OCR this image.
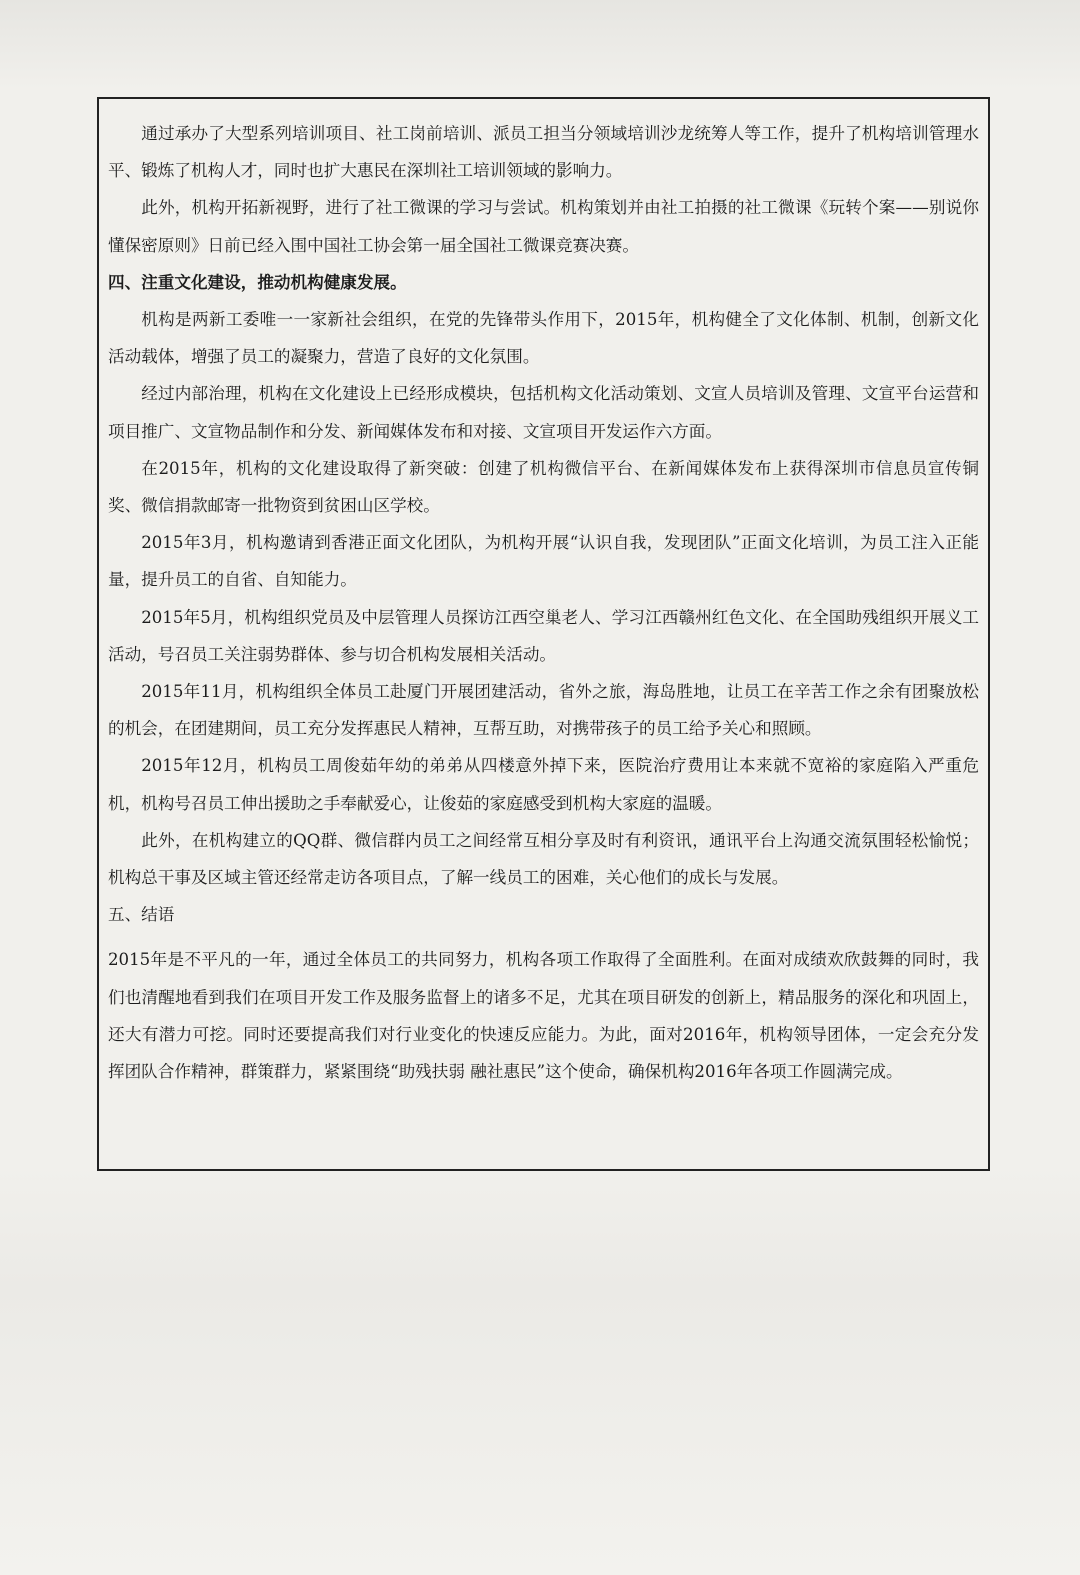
通过承办了大型系列培训项目、社工岗前培训、派员工担当分领域培训沙龙统筹人等工作，提升了机构培训管理水平、锻炼了机构人才，同时也扩大惠民在深圳社工培训领域的影响力。

此外，机构开拓新视野，进行了社工微课的学习与尝试。机构策划并由社工拍摄的社工微课《玩转个案——别说你懂保密原则》日前已经入围中国社工协会第一届全国社工微课竞赛决赛。

四、注重文化建设，推动机构健康发展。

机构是两新工委唯一一家新社会组织，在党的先锋带头作用下，2015年，机构健全了文化体制、机制，创新文化活动载体，增强了员工的凝聚力，营造了良好的文化氛围。

经过内部治理，机构在文化建设上已经形成模块，包括机构文化活动策划、文宣人员培训及管理、文宣平台运营和项目推广、文宣物品制作和分发、新闻媒体发布和对接、文宣项目开发运作六方面。

在2015年，机构的文化建设取得了新突破：创建了机构微信平台、在新闻媒体发布上获得深圳市信息员宣传铜奖、微信捐款邮寄一批物资到贫困山区学校。

2015年3月，机构邀请到香港正面文化团队，为机构开展“认识自我，发现团队”正面文化培训，为员工注入正能量，提升员工的自省、自知能力。

2015年5月，机构组织党员及中层管理人员探访江西空巢老人、学习江西赣州红色文化、在全国助残组织开展义工活动，号召员工关注弱势群体、参与切合机构发展相关活动。

2015年11月，机构组织全体员工赴厦门开展团建活动，省外之旅，海岛胜地，让员工在辛苦工作之余有团聚放松的机会，在团建期间，员工充分发挥惠民人精神，互帮互助，对携带孩子的员工给予关心和照顾。

2015年12月，机构员工周俊茹年幼的弟弟从四楼意外掉下来，医院治疗费用让本来就不宽裕的家庭陷入严重危机，机构号召员工伸出援助之手奉献爱心，让俊茹的家庭感受到机构大家庭的温暖。

此外，在机构建立的QQ群、微信群内员工之间经常互相分享及时有利资讯，通讯平台上沟通交流氛围轻松愉悦；机构总干事及区域主管还经常走访各项目点，了解一线员工的困难，关心他们的成长与发展。

五、结语

2015年是不平凡的一年，通过全体员工的共同努力，机构各项工作取得了全面胜利。在面对成绩欢欣鼓舞的同时，我们也清醒地看到我们在项目开发工作及服务监督上的诸多不足，尤其在项目研发的创新上，精品服务的深化和巩固上，还大有潜力可挖。同时还要提高我们对行业变化的快速反应能力。为此，面对2016年，机构领导团体，一定会充分发挥团队合作精神，群策群力，紧紧围绕“助残扶弱 融社惠民”这个使命，确保机构2016年各项工作圆满完成。
